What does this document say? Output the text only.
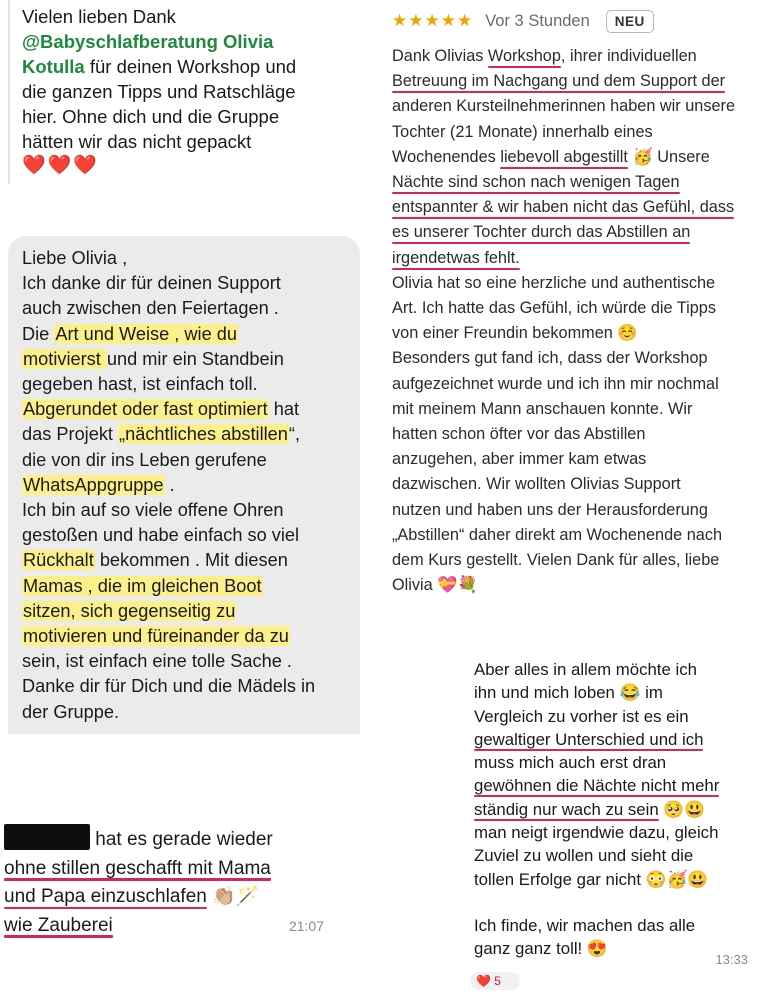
Vielen lieben Dank

@Babyschlafberatung Olivia

Kotulla für deinen Workshop und

die ganzen Tipps und Ratschläge

hier. Ohne dich und die Gruppe

hätten wir das nicht gepackt

❤️❤️❤️

★★★★★ Vor 3 Stunden	NEU

Dank Olivias Workshop, ihrer individuellen

Betreuung im Nachgang und dem Support der

anderen Kursteilnehmerinnen haben wir unsere

Tochter (21 Monate) innerhalb eines

Wochenendes liebevoll abgestillt 🥳 Unsere

Nächte sind schon nach wenigen Tagen

entspannter & wir haben nicht das Gefühl, dass

es unserer Tochter durch das Abstillen an

irgendetwas fehlt.

Olivia hat so eine herzliche und authentische

Art. Ich hatte das Gefühl, ich würde die Tipps

von einer Freundin bekommen ☺️

Besonders gut fand ich, dass der Workshop

aufgezeichnet wurde und ich ihn mir nochmal

mit meinem Mann anschauen konnte. Wir

hatten schon öfter vor das Abstillen

anzugehen, aber immer kam etwas

dazwischen. Wir wollten Olivias Support

nutzen und haben uns der Herausforderung

„Abstillen“ daher direkt am Wochenende nach

dem Kurs gestellt. Vielen Dank für alles, liebe

Olivia 💝💐

Liebe Olivia ,

Ich danke dir für deinen Support

auch zwischen den Feiertagen .

Die Art und Weise , wie du

motivierst und mir ein Standbein

gegeben hast, ist einfach toll.

Abgerundet oder fast optimiert hat

das Projekt „nächtliches abstillen“,

die von dir ins Leben gerufene

WhatsAppgruppe .

Ich bin auf so viele offene Ohren

gestoßen und habe einfach so viel

Rückhalt bekommen . Mit diesen

Mamas , die im gleichen Boot

sitzen, sich gegenseitig zu

motivieren und füreinander da zu

sein, ist einfach eine tolle Sache .

Danke dir für Dich und die Mädels in

der Gruppe.

hat es gerade wieder

ohne stillen geschafft mit Mama

und Papa einzuschlafen 👏🏼🪄

wie Zauberei	21:07

Aber alles in allem möchte ich

ihn und mich loben 😂 im

Vergleich zu vorher ist es ein

gewaltiger Unterschied und ich

muss mich auch erst dran

gewöhnen die Nächte nicht mehr

ständig nur wach zu sein 🥺😃

man neigt irgendwie dazu, gleich

Zuviel zu wollen und sieht die

tollen Erfolge gar nicht 😳🥳😃

Ich finde, wir machen das alle

ganz ganz toll! 😍

13:33
❤️ 5
